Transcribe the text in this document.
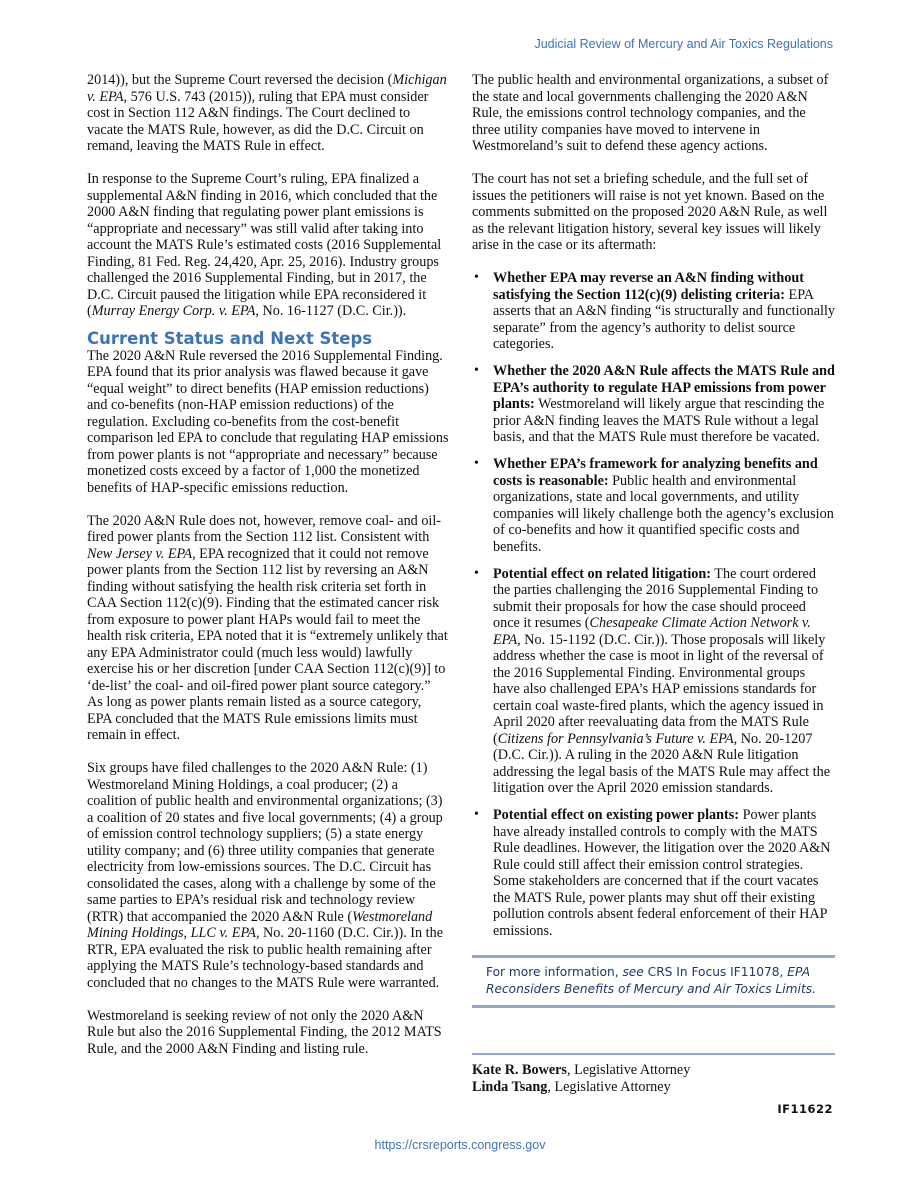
Judicial Review of Mercury and Air Toxics Regulations

2014)), but the Supreme Court reversed the decision (Michigan v. EPA, 576 U.S. 743 (2015)), ruling that EPA must consider cost in Section 112 A&N findings. The Court declined to vacate the MATS Rule, however, as did the D.C. Circuit on remand, leaving the MATS Rule in effect.

In response to the Supreme Court’s ruling, EPA finalized a supplemental A&N finding in 2016, which concluded that the 2000 A&N finding that regulating power plant emissions is “appropriate and necessary” was still valid after taking into account the MATS Rule’s estimated costs (2016 Supplemental Finding, 81 Fed. Reg. 24,420, Apr. 25, 2016). Industry groups challenged the 2016 Supplemental Finding, but in 2017, the D.C. Circuit paused the litigation while EPA reconsidered it (Murray Energy Corp. v. EPA, No. 16-1127 (D.C. Cir.)).

Current Status and Next Steps

The 2020 A&N Rule reversed the 2016 Supplemental Finding. EPA found that its prior analysis was flawed because it gave “equal weight” to direct benefits (HAP emission reductions) and co-benefits (non-HAP emission reductions) of the regulation. Excluding co-benefits from the cost-benefit comparison led EPA to conclude that regulating HAP emissions from power plants is not “appropriate and necessary” because monetized costs exceed by a factor of 1,000 the monetized benefits of HAP-specific emissions reduction.

The 2020 A&N Rule does not, however, remove coal- and oil-fired power plants from the Section 112 list. Consistent with New Jersey v. EPA, EPA recognized that it could not remove power plants from the Section 112 list by reversing an A&N finding without satisfying the health risk criteria set forth in CAA Section 112(c)(9). Finding that the estimated cancer risk from exposure to power plant HAPs would fail to meet the health risk criteria, EPA noted that it is “extremely unlikely that any EPA Administrator could (much less would) lawfully exercise his or her discretion [under CAA Section 112(c)(9)] to ‘de-list’ the coal- and oil-fired power plant source category.” As long as power plants remain listed as a source category, EPA concluded that the MATS Rule emissions limits must remain in effect.

Six groups have filed challenges to the 2020 A&N Rule: (1) Westmoreland Mining Holdings, a coal producer; (2) a coalition of public health and environmental organizations; (3) a coalition of 20 states and five local governments; (4) a group of emission control technology suppliers; (5) a state energy utility company; and (6) three utility companies that generate electricity from low-emissions sources. The D.C. Circuit has consolidated the cases, along with a challenge by some of the same parties to EPA’s residual risk and technology review (RTR) that accompanied the 2020 A&N Rule (Westmoreland Mining Holdings, LLC v. EPA, No. 20-1160 (D.C. Cir.)). In the RTR, EPA evaluated the risk to public health remaining after applying the MATS Rule’s technology-based standards and concluded that no changes to the MATS Rule were warranted.

Westmoreland is seeking review of not only the 2020 A&N Rule but also the 2016 Supplemental Finding, the 2012 MATS Rule, and the 2000 A&N Finding and listing rule.

The public health and environmental organizations, a subset of the state and local governments challenging the 2020 A&N Rule, the emissions control technology companies, and the three utility companies have moved to intervene in Westmoreland’s suit to defend these agency actions.

The court has not set a briefing schedule, and the full set of issues the petitioners will raise is not yet known. Based on the comments submitted on the proposed 2020 A&N Rule, as well as the relevant litigation history, several key issues will likely arise in the case or its aftermath:

• Whether EPA may reverse an A&N finding without satisfying the Section 112(c)(9) delisting criteria: EPA asserts that an A&N finding “is structurally and functionally separate” from the agency’s authority to delist source categories.
• Whether the 2020 A&N Rule affects the MATS Rule and EPA’s authority to regulate HAP emissions from power plants: Westmoreland will likely argue that rescinding the prior A&N finding leaves the MATS Rule without a legal basis, and that the MATS Rule must therefore be vacated.
• Whether EPA’s framework for analyzing benefits and costs is reasonable: Public health and environmental organizations, state and local governments, and utility companies will likely challenge both the agency’s exclusion of co-benefits and how it quantified specific costs and benefits.
• Potential effect on related litigation: The court ordered the parties challenging the 2016 Supplemental Finding to submit their proposals for how the case should proceed once it resumes (Chesapeake Climate Action Network v. EPA, No. 15-1192 (D.C. Cir.)). Those proposals will likely address whether the case is moot in light of the reversal of the 2016 Supplemental Finding. Environmental groups have also challenged EPA’s HAP emissions standards for certain coal waste-fired plants, which the agency issued in April 2020 after reevaluating data from the MATS Rule (Citizens for Pennsylvania’s Future v. EPA, No. 20-1207 (D.C. Cir.)). A ruling in the 2020 A&N Rule litigation addressing the legal basis of the MATS Rule may affect the litigation over the April 2020 emission standards.
• Potential effect on existing power plants: Power plants have already installed controls to comply with the MATS Rule deadlines. However, the litigation over the 2020 A&N Rule could still affect their emission control strategies. Some stakeholders are concerned that if the court vacates the MATS Rule, power plants may shut off their existing pollution controls absent federal enforcement of their HAP emissions.
For more information, see CRS In Focus IF11078, EPA Reconsiders Benefits of Mercury and Air Toxics Limits.
Kate R. Bowers, Legislative Attorney
Linda Tsang, Legislative Attorney
IF11622
https://crsreports.congress.gov
